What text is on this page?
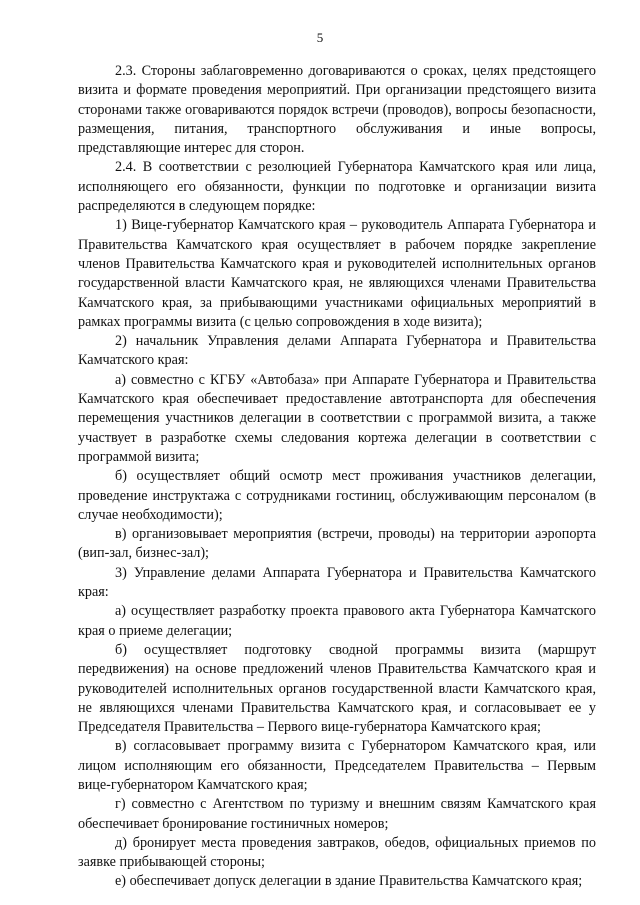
5

2.3. Стороны заблаговременно договариваются о сроках, целях предстоящего визита и формате проведения мероприятий. При организации предстоящего визита сторонами также оговариваются порядок встречи (проводов), вопросы безопасности, размещения, питания, транспортного обслуживания и иные вопросы, представляющие интерес для сторон.

2.4. В соответствии с резолюцией Губернатора Камчатского края или лица, исполняющего его обязанности, функции по подготовке и организации визита распределяются в следующем порядке:

1) Вице-губернатор Камчатского края – руководитель Аппарата Губернатора и Правительства Камчатского края осуществляет в рабочем порядке закрепление членов Правительства Камчатского края и руководителей исполнительных органов государственной власти Камчатского края, не являющихся членами Правительства Камчатского края, за прибывающими участниками официальных мероприятий в рамках программы визита (с целью сопровождения в ходе визита);

2) начальник Управления делами Аппарата Губернатора и Правительства Камчатского края:

а) совместно с КГБУ «Автобаза» при Аппарате Губернатора и Правительства Камчатского края обеспечивает предоставление автотранспорта для обеспечения перемещения участников делегации в соответствии с программой визита, а также участвует в разработке схемы следования кортежа делегации в соответствии с программой визита;

б) осуществляет общий осмотр мест проживания участников делегации, проведение инструктажа с сотрудниками гостиниц, обслуживающим персоналом (в случае необходимости);

в) организовывает мероприятия (встречи, проводы) на территории аэропорта (вип-зал, бизнес-зал);

3) Управление делами Аппарата Губернатора и Правительства Камчатского края:

а) осуществляет разработку проекта правового акта Губернатора Камчатского края о приеме делегации;

б) осуществляет подготовку сводной программы визита (маршрут передвижения) на основе предложений членов Правительства Камчатского края и руководителей исполнительных органов государственной власти Камчатского края, не являющихся членами Правительства Камчатского края, и согласовывает ее у Председателя Правительства – Первого вице-губернатора Камчатского края;

в) согласовывает программу визита с Губернатором Камчатского края, или лицом исполняющим его обязанности, Председателем Правительства – Первым вице-губернатором Камчатского края;

г) совместно с Агентством по туризму и внешним связям Камчатского края обеспечивает бронирование гостиничных номеров;

д) бронирует места проведения завтраков, обедов, официальных приемов по заявке прибывающей стороны;

е) обеспечивает допуск делегации в здание Правительства Камчатского края;
